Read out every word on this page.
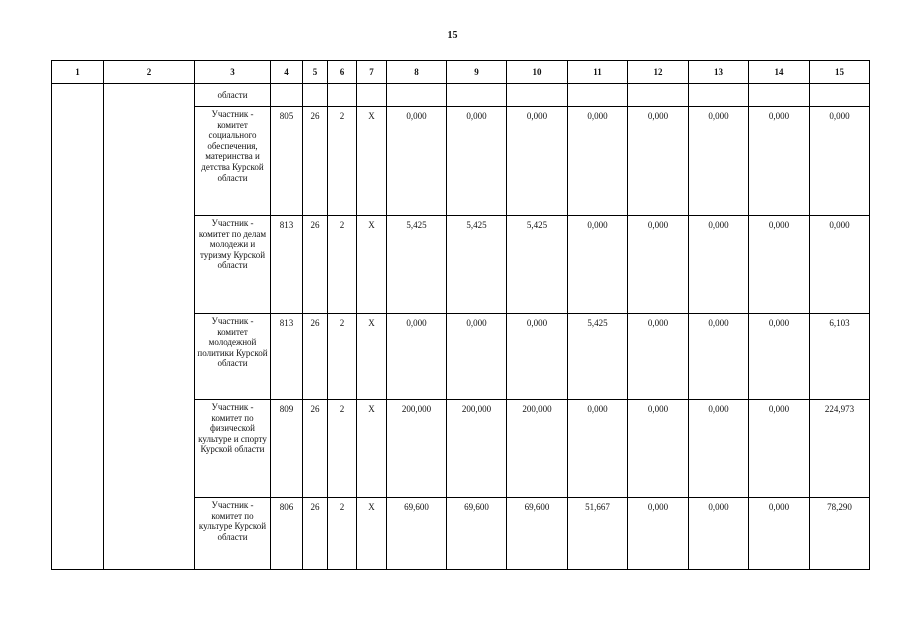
15
1	2	3	4	5	6	7	8	9	10	11	12	13	14	15
		области												
		Участник - комитет социального обеспечения, материнства и детства Курской области	805	26	2	Х	0,000	0,000	0,000	0,000	0,000	0,000	0,000	0,000
		Участник - комитет по делам молодежи и туризму Курской области	813	26	2	Х	5,425	5,425	5,425	0,000	0,000	0,000	0,000	0,000
		Участник - комитет молодежной политики Курской области	813	26	2	Х	0,000	0,000	0,000	5,425	0,000	0,000	0,000	6,103
		Участник - комитет по физической культуре и спорту Курской области	809	26	2	Х	200,000	200,000	200,000	0,000	0,000	0,000	0,000	224,973
		Участник - комитет по культуре Курской области	806	26	2	Х	69,600	69,600	69,600	51,667	0,000	0,000	0,000	78,290
